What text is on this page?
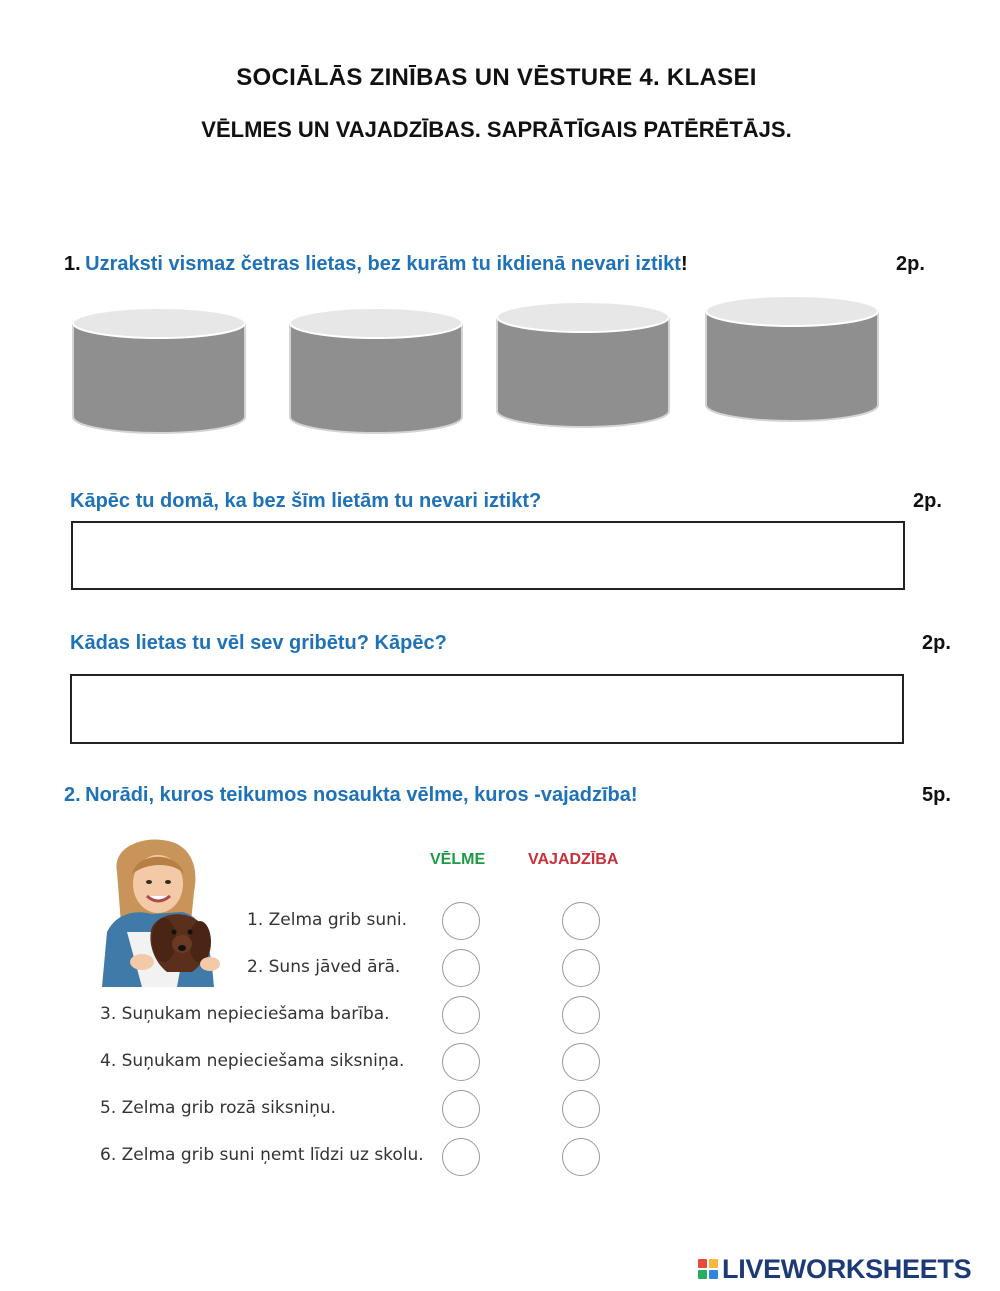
SOCIĀLĀS ZINĪBAS UN VĒSTURE 4. KLASEI
VĒLMES UN VAJADZĪBAS. SAPRĀTĪGAIS PATĒRĒTĀJS.
1. Uzraksti vismaz četras lietas, bez kurām tu ikdienā nevari iztikt!	2p.
Kāpēc tu domā, ka bez šīm lietām tu nevari iztikt?	2p.
Kādas lietas tu vēl sev gribētu? Kāpēc?	2p.
2. Norādi, kuros teikumos nosaukta vēlme, kuros -vajadzība!	5p.
VĒLME	VAJADZĪBA
1. Zelma grib suni.
2. Suns jāved ārā.
3. Suņukam nepieciešama barība.
4. Suņukam nepieciešama siksniņa.
5. Zelma grib rozā siksniņu.
6. Zelma grib suni ņemt līdzi uz skolu.
LIVEWORKSHEETS
